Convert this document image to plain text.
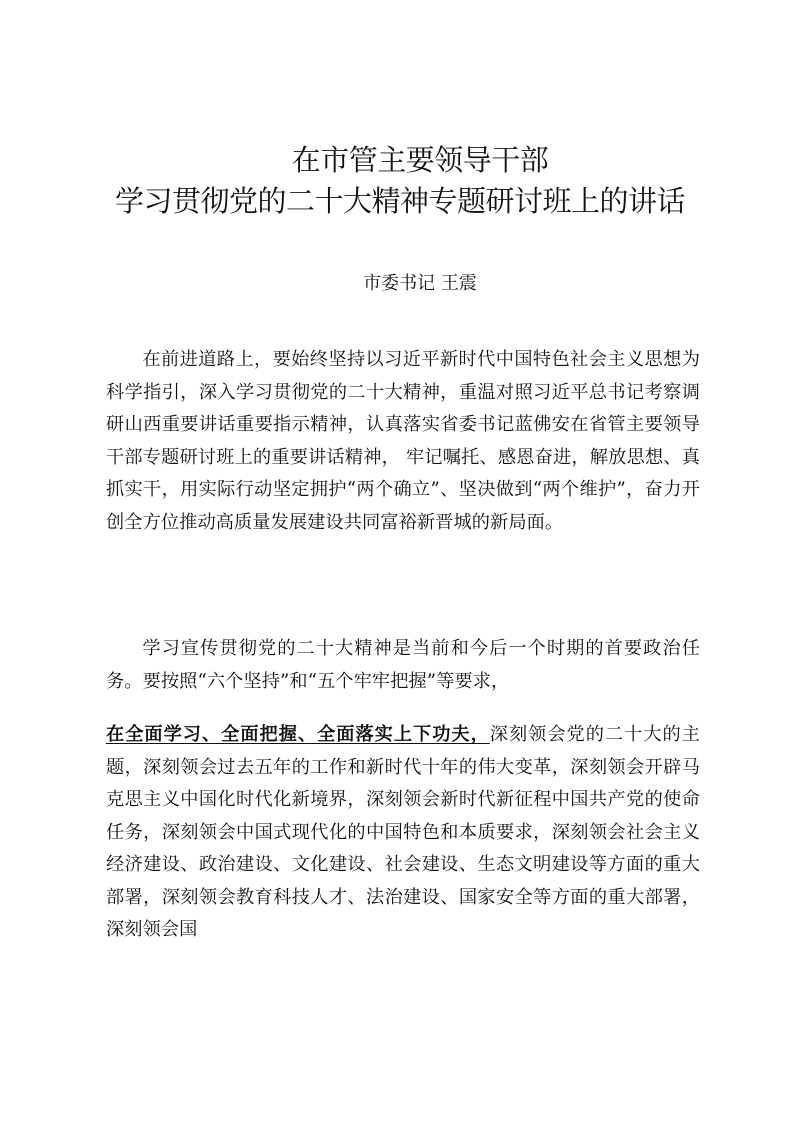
在市管主要领导干部
学习贯彻党的二十大精神专题研讨班上的讲话
市委书记 王震

在前进道路上，要始终坚持以习近平新时代中国特色社会主义思想为科学指引，深入学习贯彻党的二十大精神，重温对照习近平总书记考察调研山西重要讲话重要指示精神，认真落实省委书记蓝佛安在省管主要领导干部专题研讨班上的重要讲话精神， 牢记嘱托、感恩奋进，解放思想、真抓实干，用实际行动坚定拥护“两个确立”、坚决做到“两个维护”，奋力开创全方位推动高质量发展建设共同富裕新晋城的新局面。

学习宣传贯彻党的二十大精神是当前和今后一个时期的首要政治任务。要按照“六个坚持”和“五个牢牢把握”等要求，

在全面学习、全面把握、全面落实上下功夫，深刻领会党的二十大的主题，深刻领会过去五年的工作和新时代十年的伟大变革，深刻领会开辟马克思主义中国化时代化新境界，深刻领会新时代新征程中国共产党的使命任务，深刻领会中国式现代化的中国特色和本质要求，深刻领会社会主义经济建设、政治建设、文化建设、社会建设、生态文明建设等方面的重大部署，深刻领会教育科技人才、法治建设、国家安全等方面的重大部署，深刻领会国
